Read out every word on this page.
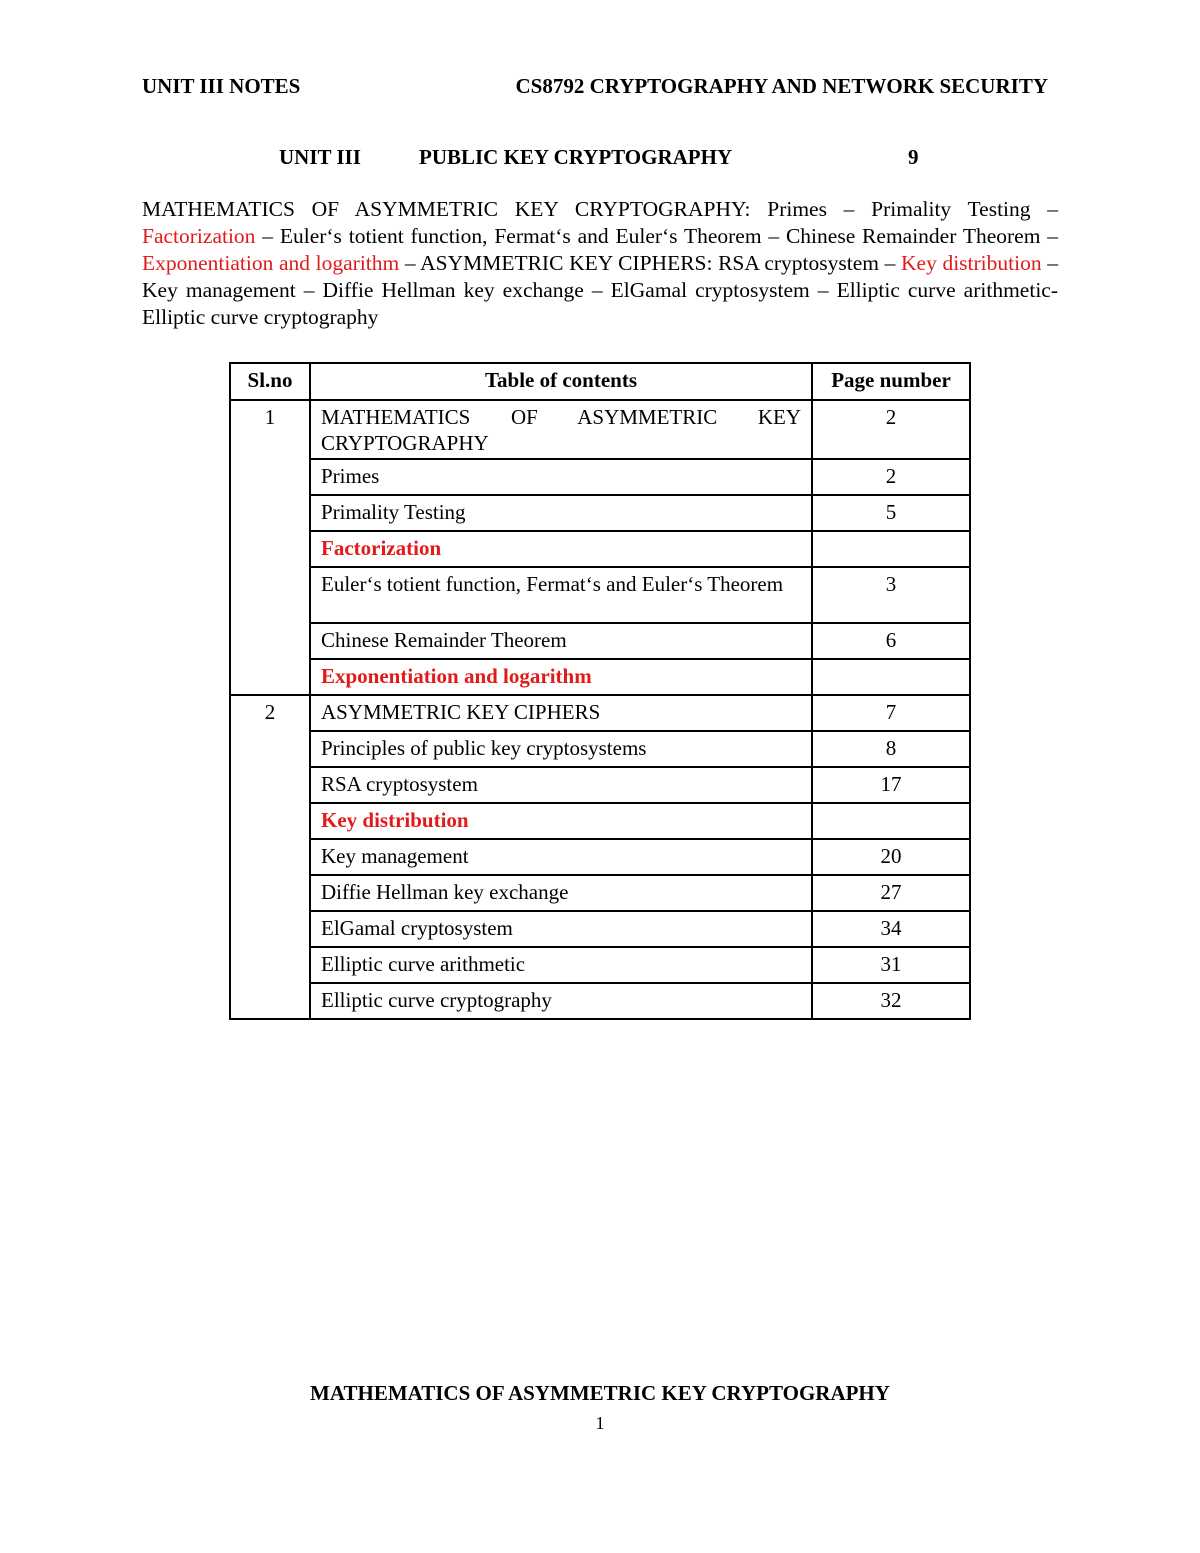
UNIT III NOTES	CS8792 CRYPTOGRAPHY AND NETWORK SECURITY
UNIT III	PUBLIC KEY CRYPTOGRAPHY	9
MATHEMATICS OF ASYMMETRIC KEY CRYPTOGRAPHY: Primes – Primality Testing – Factorization – Euler‘s totient function, Fermat‘s and Euler‘s Theorem – Chinese Remainder Theorem – Exponentiation and logarithm – ASYMMETRIC KEY CIPHERS: RSA cryptosystem – Key distribution – Key management – Diffie Hellman key exchange – ElGamal cryptosystem – Elliptic curve arithmetic-Elliptic curve cryptography
Sl.no	Table of contents	Page number
1	MATHEMATICS OF ASYMMETRIC KEY CRYPTOGRAPHY	2
	Primes	2
	Primality Testing	5
	Factorization	
	Euler‘s totient function, Fermat‘s and Euler‘s Theorem	3
	Chinese Remainder Theorem	6
	Exponentiation and logarithm	
2	ASYMMETRIC KEY CIPHERS	7
	Principles of public key cryptosystems	8
	RSA cryptosystem	17
	Key distribution	
	Key management	20
	Diffie Hellman key exchange	27
	ElGamal cryptosystem	34
	Elliptic curve arithmetic	31
	Elliptic curve cryptography	32
MATHEMATICS OF ASYMMETRIC KEY CRYPTOGRAPHY
1
